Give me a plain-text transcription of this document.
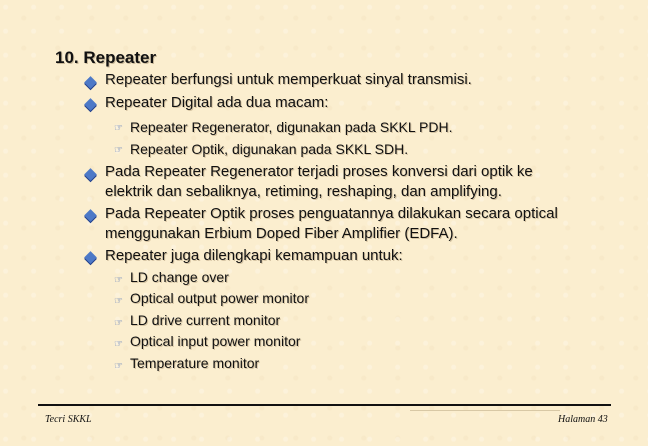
10. Repeater
Repeater berfungsi untuk memperkuat sinyal transmisi.
Repeater Digital ada dua macam:
☞ Repeater Regenerator, digunakan pada SKKL PDH.
☞ Repeater Optik, digunakan pada SKKL SDH.
Pada Repeater Regenerator terjadi proses konversi dari optik ke elektrik dan sebaliknya, retiming, reshaping, dan amplifying.
Pada Repeater Optik proses penguatannya dilakukan secara optical menggunakan Erbium Doped Fiber Amplifier (EDFA).
Repeater juga dilengkapi kemampuan untuk:
☞ LD change over
☞ Optical output power monitor
☞ LD drive current monitor
☞ Optical input power monitor
☞ Temperature monitor
Tecri SKKL	Halaman 43
